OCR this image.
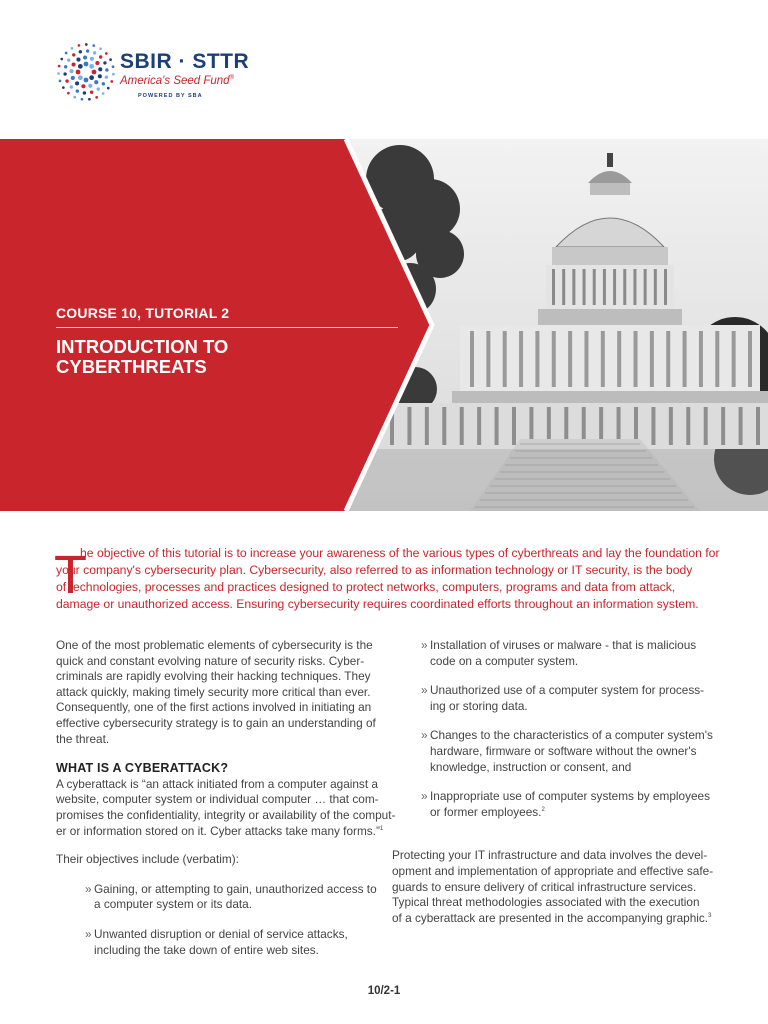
SBIR · STTR
America's Seed Fund®
POWERED BY SBA
COURSE 10, TUTORIAL 2
INTRODUCTION TO
CYBERTHREATS
T

he objective of this tutorial is to increase your awareness of the various types of cyberthreats and lay the foundation for
your company's cybersecurity plan. Cybersecurity, also referred to as information technology or IT security, is the body
of technologies, processes and practices designed to protect networks, computers, programs and data from attack,
damage or unauthorized access. Ensuring cybersecurity requires coordinated efforts throughout an information system.

One of the most problematic elements of cybersecurity is the
quick and constant evolving nature of security risks. Cyber-
criminals are rapidly evolving their hacking techniques. They
attack quickly, making timely security more critical than ever.
Consequently, one of the first actions involved in initiating an
effective cybersecurity strategy is to gain an understanding of
the threat.

WHAT IS A CYBERATTACK?

A cyberattack is “an attack initiated from a computer against a
website, computer system or individual computer … that com-
promises the confidentiality, integrity or availability of the comput-
er or information stored on it. Cyber attacks take many forms.”$^1$

Their objectives include (verbatim):

» Gaining, or attempting to gain, unauthorized access to
a computer system or its data.
» Unwanted disruption or denial of service attacks,
including the take down of entire web sites.
» Installation of viruses or malware - that is malicious
code on a computer system.
» Unauthorized use of a computer system for process-
ing or storing data.
» Changes to the characteristics of a computer system's
hardware, firmware or software without the owner's
knowledge, instruction or consent, and
» Inappropriate use of computer systems by employees
or former employees.$^2$

Protecting your IT infrastructure and data involves the devel-
opment and implementation of appropriate and effective safe-
guards to ensure delivery of critical infrastructure services.
Typical threat methodologies associated with the execution
of a cyberattack are presented in the accompanying graphic.$^3$

10/2-1
